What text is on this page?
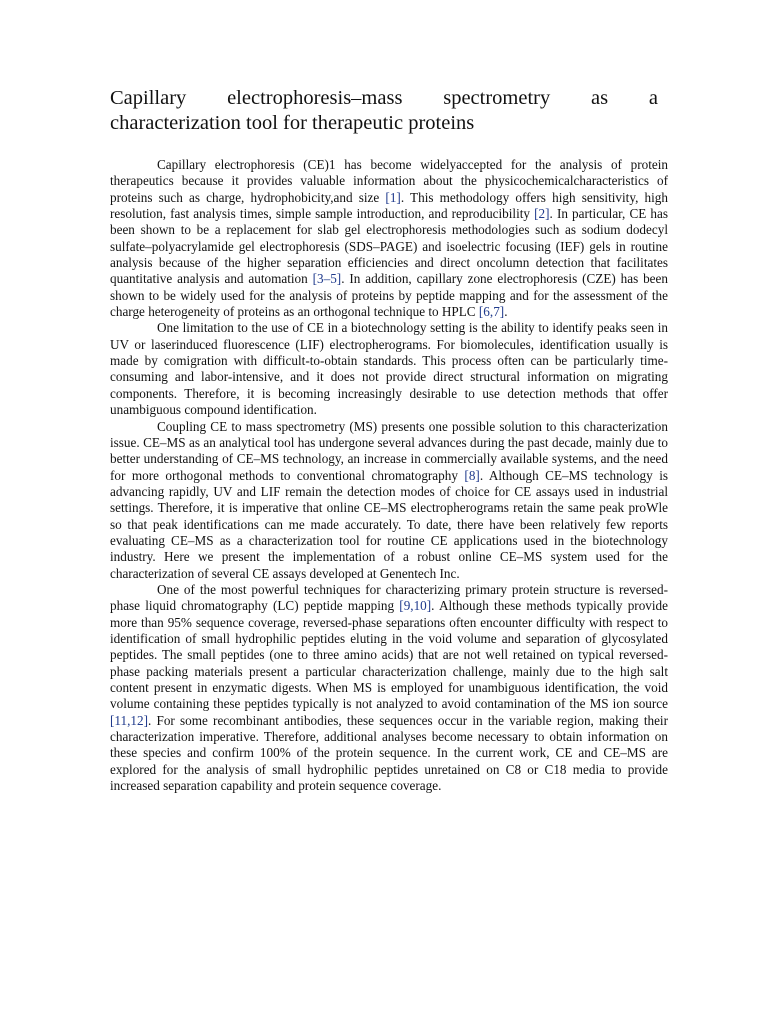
Capillary electrophoresis–mass spectrometry as a
characterization tool for therapeutic proteins

Capillary electrophoresis (CE)1 has become widelyaccepted for the analysis of protein therapeutics because it provides valuable information about the physicochemicalcharacteristics of proteins such as charge, hydrophobicity,and size [1]. This methodology offers high sensitivity, high resolution, fast analysis times, simple sample introduction, and reproducibility [2]. In particular, CE has been shown to be a replacement for slab gel electrophoresis methodologies such as sodium dodecyl sulfate–polyacrylamide gel electrophoresis (SDS–PAGE) and isoelectric focusing (IEF) gels in routine analysis because of the higher separation efficiencies and direct oncolumn detection that facilitates quantitative analysis and automation [3–5]. In addition, capillary zone electrophoresis (CZE) has been shown to be widely used for the analysis of proteins by peptide mapping and for the assessment of the charge heterogeneity of proteins as an orthogonal technique to HPLC [6,7].

One limitation to the use of CE in a biotechnology setting is the ability to identify peaks seen in UV or laserinduced fluorescence (LIF) electropherograms. For biomolecules, identification usually is made by comigration with difficult-to-obtain standards. This process often can be particularly time-consuming and labor-intensive, and it does not provide direct structural information on migrating components. Therefore, it is becoming increasingly desirable to use detection methods that offer unambiguous compound identification.

Coupling CE to mass spectrometry (MS) presents one possible solution to this characterization issue. CE–MS as an analytical tool has undergone several advances during the past decade, mainly due to better understanding of CE–MS technology, an increase in commercially available systems, and the need for more orthogonal methods to conventional chromatography [8]. Although CE–MS technology is advancing rapidly, UV and LIF remain the detection modes of choice for CE assays used in industrial settings. Therefore, it is imperative that online CE–MS electropherograms retain the same peak proWle so that peak identifications can me made accurately. To date, there have been relatively few reports evaluating CE–MS as a characterization tool for routine CE applications used in the biotechnology industry. Here we present the implementation of a robust online CE–MS system used for the characterization of several CE assays developed at Genentech Inc.

One of the most powerful techniques for characterizing primary protein structure is reversed-phase liquid chromatography (LC) peptide mapping [9,10]. Although these methods typically provide more than 95% sequence coverage, reversed-phase separations often encounter difficulty with respect to identification of small hydrophilic peptides eluting in the void volume and separation of glycosylated peptides. The small peptides (one to three amino acids) that are not well retained on typical reversed-phase packing materials present a particular characterization challenge, mainly due to the high salt content present in enzymatic digests. When MS is employed for unambiguous identification, the void volume containing these peptides typically is not analyzed to avoid contamination of the MS ion source [11,12]. For some recombinant antibodies, these sequences occur in the variable region, making their characterization imperative. Therefore, additional analyses become necessary to obtain information on these species and confirm 100% of the protein sequence. In the current work, CE and CE–MS are explored for the analysis of small hydrophilic peptides unretained on C8 or C18 media to provide increased separation capability and protein sequence coverage.
